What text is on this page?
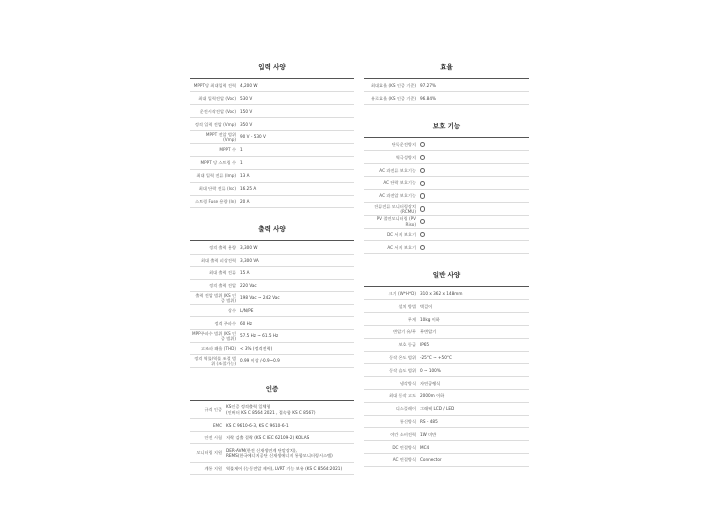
입력 사양
MPPT당 최대입력 전력	4,200 W

최대 입력전압 (Voc)	530 V

운전시작전압 (Voc)	150 V

정격 입력 전압 (Vmp)	350 V

MPPT 전압 범위 (Vmp)	90 V - 530 V

MPPT 수	1

MPPT 당 스트링 수	1

최대 입력 전류 (Imp)	13 A

최대 단락 전류 (Isc)	16.25 A

스트링 Fuse 용량 (In)	20 A
출력 사양
정격 출력 용량	3,300 W

최대 출력 피상전력	3,300 VA

최대 출력 전류	15 A

정격 출력 전압	220 Vac

출력 전압 범위 (KS 인증 범위)	198 Vac ~ 242 Vac

상수	L/N/PE

정격 주파수	60 Hz

MPP주파수 범위 (KS 인증 범위)	57.5 Hz ~ 61.5 Hz

고조파 왜율 (THD)	< 3% (정격전력)

정격 역률/역률 조절 범위 (조절가능)	0.99 이상 /-0.9~0.9
인증
규격 인증	KS인증 정격출력 일체형
(인버터 KS C 8564 2021 , 접속함 KS C 8567)

EMC	KS C 9610-6-3, KS C 9610-6-1

안전 시험	저락 검출 결락 (KS C IEC 62109-2) KOLAS

모니터링 지원	DER-AVM(한전 신재생연계 단말장치),
REMS(한국에너지공단 신재생에너지 통합모니터링시스템)

계통 지원	역률제어 (능동전압 제어), LVRT 기능 보유 (KS C 8564:2021)
효율
최대효율 (KS 인증 기준)	97.27%

유로효율 (KS 인증 기준)	96.84%
보호 기능
단독운전방지	
역극성방지	
AC 과전류 보호기능	
AC 단락 보호기능	
AC 과전압 보호기능	
잔류전류 모니터링장치 (RCMU)	
PV 절연모니터링 (PV Riso)	
DC 서지 보호기	
AC 서지 보호기	
일반 사양
크기 (W*H*D)	310 x 362 x 148mm

설치 방법	벽걸이

무게	10kg 이하

변압기 유/무	무변압기

보호 등급	IP65

동작 온도 범위	-25°C ~ +50°C

동작 습도 범위	0 ~ 100%

냉각방식	자연공랭식

최대 동작 고도	2000m 이하

디스플레이	그래픽 LCD / LED

통신방식	RS - 485

야간 소비전력	1W 미만

DC 연결방식	MC4

AC 연결방식	Connector
